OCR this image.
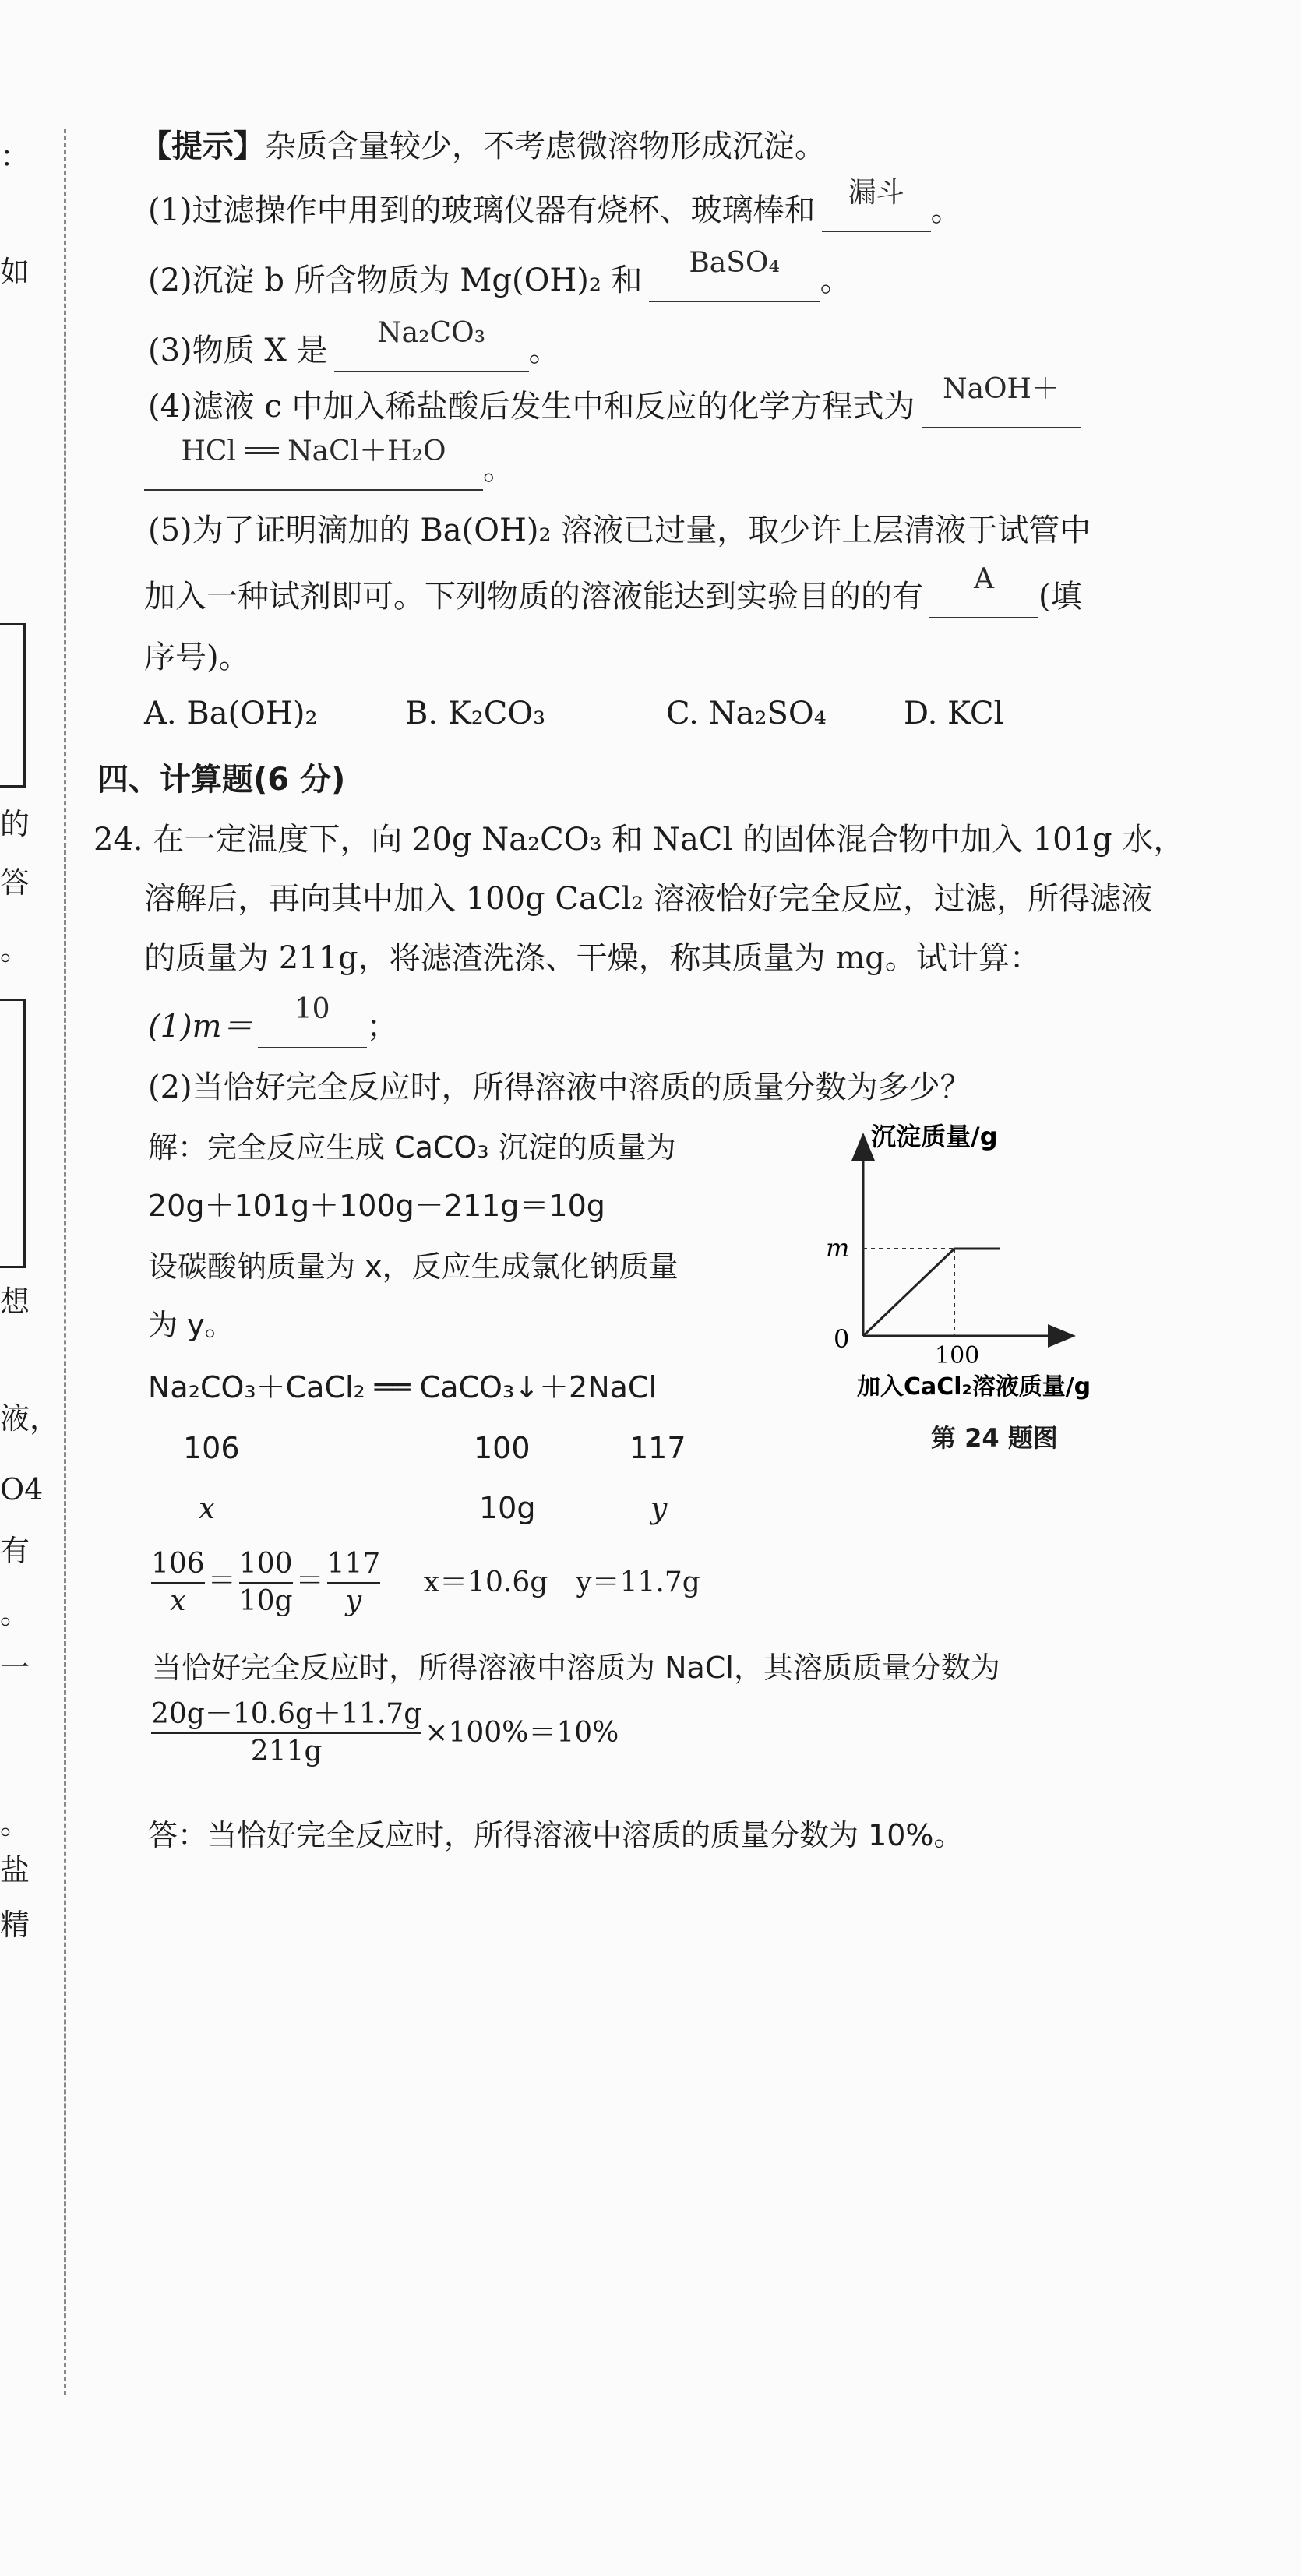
：
如
的
答
。
想
液，
O4
有
。
一
。
盐
精
【提示】杂质含量较少，不考虑微溶物形成沉淀。
(1)过滤操作中用到的玻璃仪器有烧杯、玻璃棒和	漏斗 。
(2)沉淀 b 所含物质为 Mg(OH)₂ 和	BaSO₄	。
(3)物质 X 是	Na₂CO₃	。
(4)滤液 c 中加入稀盐酸后发生中和反应的化学方程式为 NaOH＋

HCl ══ NaCl＋H₂O	。
(5)为了证明滴加的 Ba(OH)₂ 溶液已过量，取少许上层清液于试管中
加入一种试剂即可。下列物质的溶液能达到实验目的的有	A	(填
序号)。
A. Ba(OH)₂	B. K₂CO₃	C. Na₂SO₄ D. KCl
四、计算题(6 分)
24. 在一定温度下，向 20g Na₂CO₃ 和 NaCl 的固体混合物中加入 101g 水，
溶解后，再向其中加入 100g CaCl₂ 溶液恰好完全反应，过滤，所得滤液
的质量为 211g，将滤渣洗涤、干燥，称其质量为 mg。试计算：
(1)m＝	10	；
(2)当恰好完全反应时，所得溶液中溶质的质量分数为多少？
解：完全反应生成 CaCO₃ 沉淀的质量为
20g＋101g＋100g－211g＝10g
设碳酸钠质量为 x，反应生成氯化钠质量
为 y。
Na₂CO₃＋CaCl₂ ══ CaCO₃↓＋2NaCl
106	100	117
x	10g	y
$\frac{106}{x} = \frac{100}{10g} = \frac{117}{y} x=10.6g$　y＝11.7g
当恰好完全反应时，所得溶液中溶质为 NaCl，其溶质质量分数为
$\frac{20g-10.6g+11.7g}{211g} \times 100\%=10\%$
答：当恰好完全反应时，所得溶液中溶质的质量分数为 10%。
沉淀质量/g
m
0
100
加入CaCl₂溶液质量/g
第 24 题图
